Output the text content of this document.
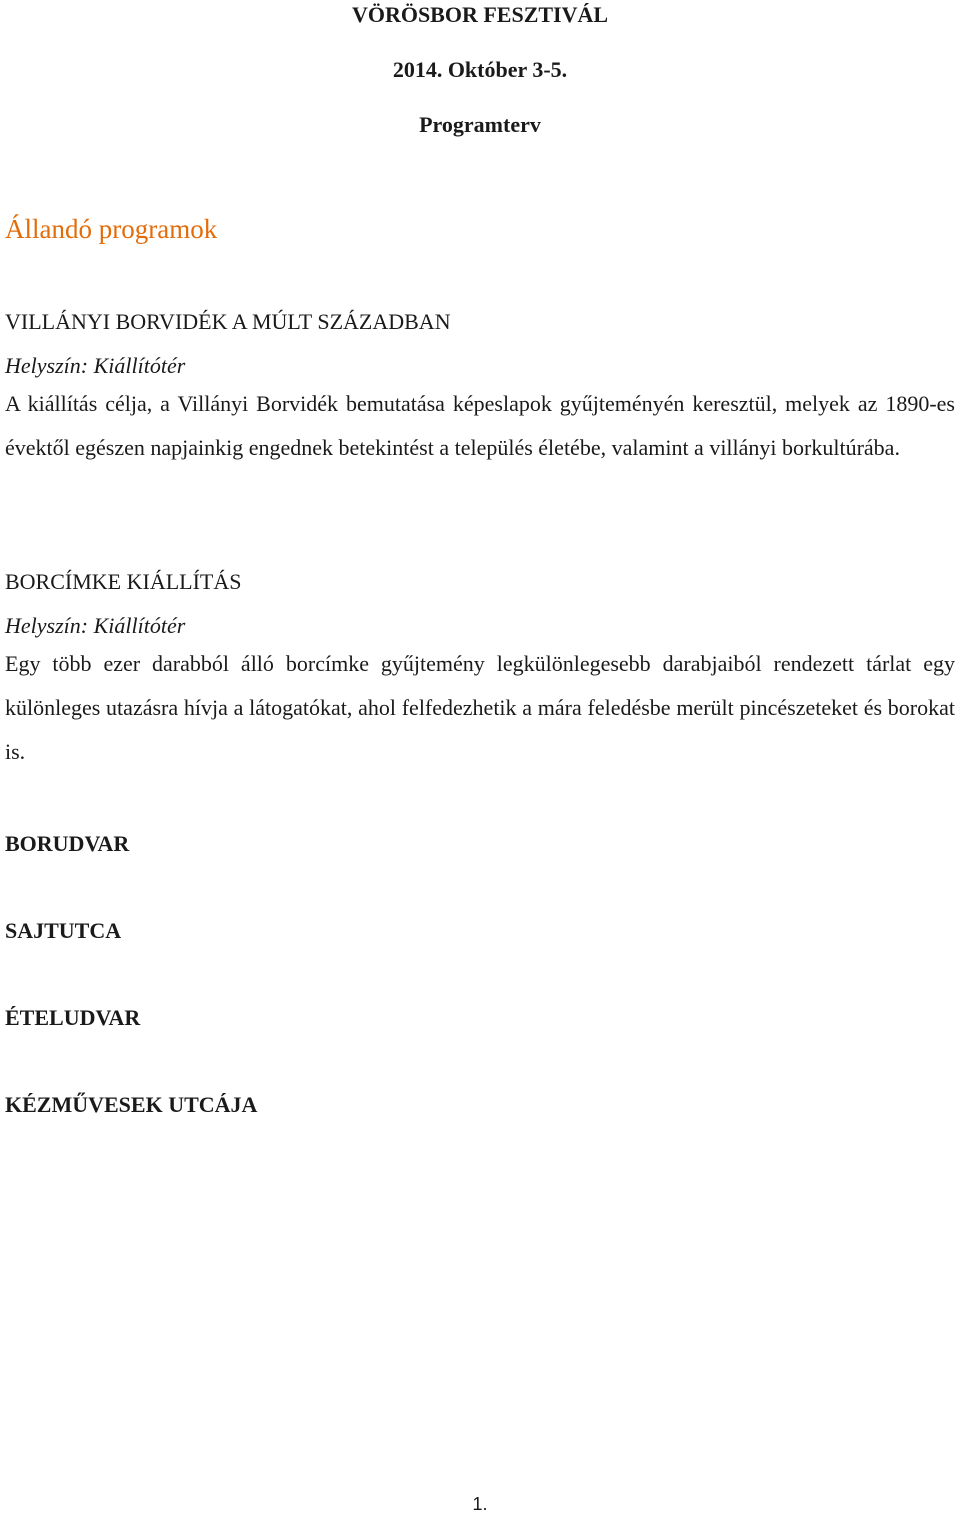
VÖRÖSBOR FESZTIVÁL

2014. Október 3-5.

Programterv

Állandó programok

VILLÁNYI BORVIDÉK A MÚLT SZÁZADBAN

Helyszín: Kiállítótér

A kiállítás célja, a Villányi Borvidék bemutatása képeslapok gyűjteményén keresztül, melyek az 1890-es évektől egészen napjainkig engednek betekintést a település életébe, valamint a villányi borkultúrába.

BORCÍMKE KIÁLLÍTÁS

Helyszín: Kiállítótér

Egy több ezer darabból álló borcímke gyűjtemény legkülönlegesebb darabjaiból rendezett tárlat egy különleges utazásra hívja a látogatókat, ahol felfedezhetik a mára feledésbe merült pincészeteket és borokat is.

BORUDVAR

SAJTUTCA

ÉTELUDVAR

KÉZMŰVESEK UTCÁJA

1.
